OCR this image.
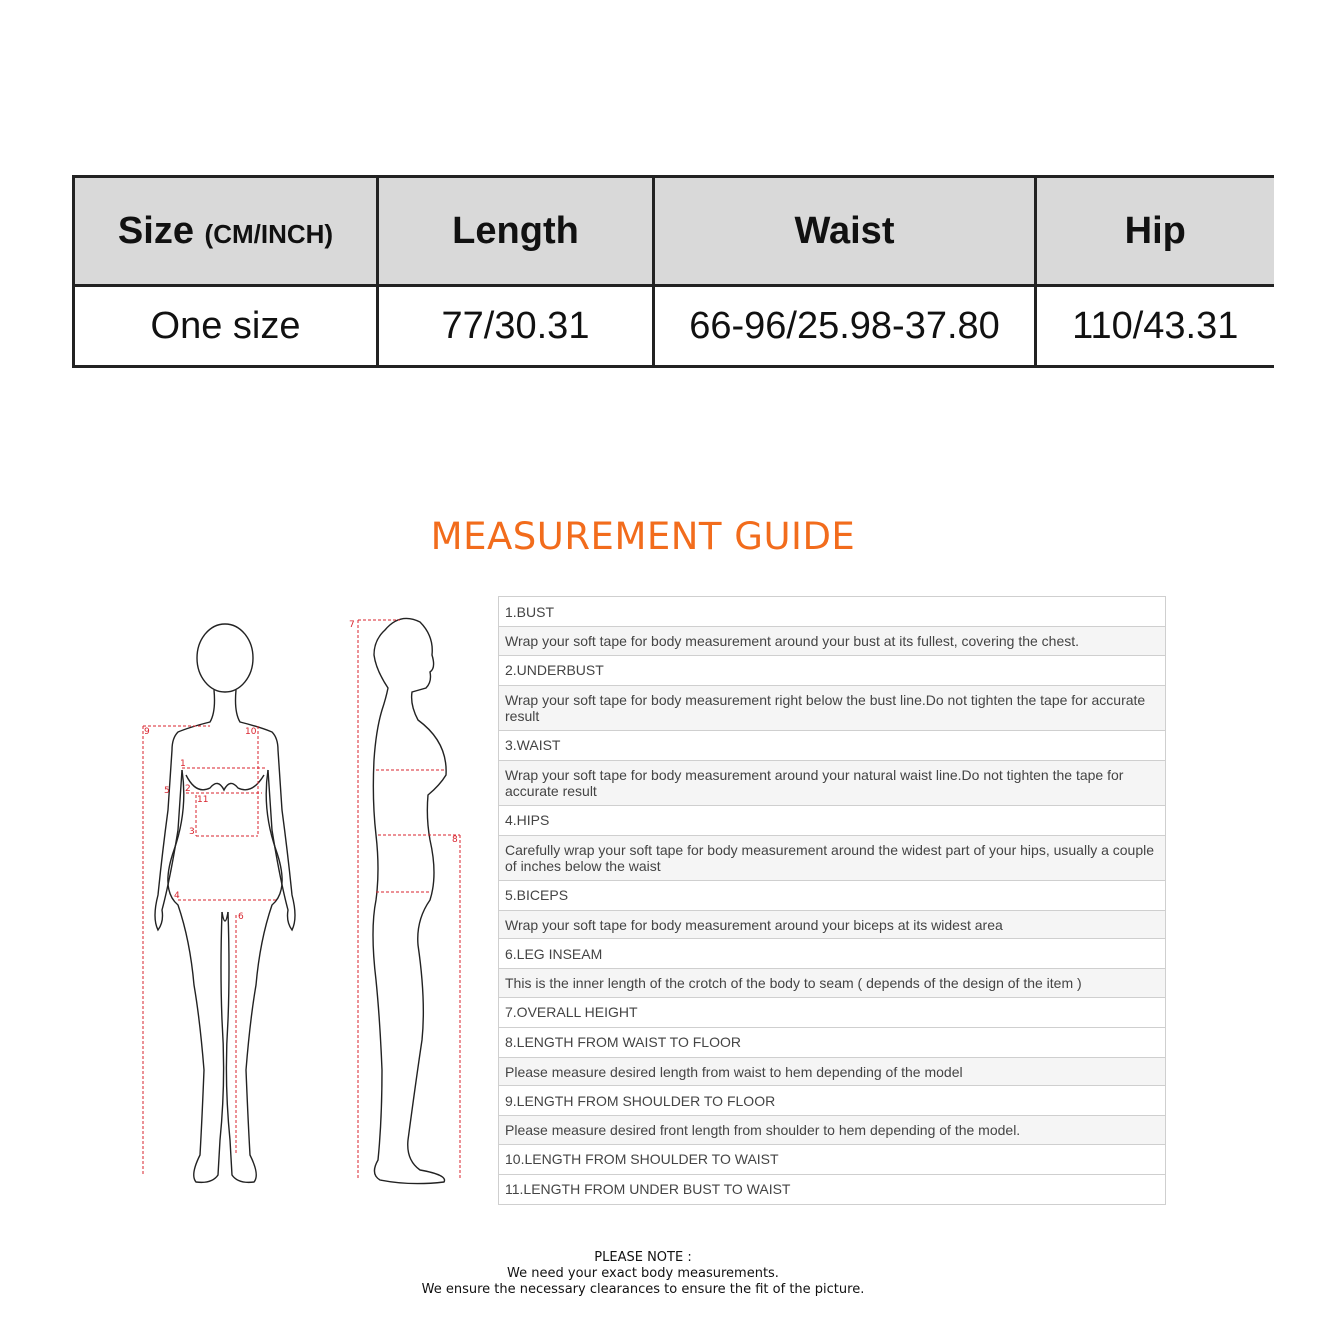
Size (CM/INCH)	Length	Waist	Hip
One size	77/30.31	66-96/25.98-37.80	110/43.31
MEASUREMENT GUIDE
1
2
3
4
5
6
7
8
9	10
11
1.BUST
Wrap your soft tape for body measurement around your bust at its fullest, covering the chest.
2.UNDERBUST
Wrap your soft tape for body measurement right below the bust line.Do not tighten the tape for accurate result
3.WAIST
Wrap your soft tape for body measurement around your natural waist line.Do not tighten the tape for accurate result
4.HIPS
Carefully wrap your soft tape for body measurement around the widest part of your hips, usually a couple of inches below the waist
5.BICEPS
Wrap your soft tape for body measurement around your biceps at its widest area
6.LEG INSEAM
This is the inner length of the crotch of the body to seam ( depends of the design of the item )
7.OVERALL HEIGHT
8.LENGTH FROM WAIST TO FLOOR
Please measure desired length from waist to hem depending of the model
9.LENGTH FROM SHOULDER TO FLOOR
Please measure desired front length from shoulder to hem depending of the model.
10.LENGTH FROM SHOULDER TO WAIST
11.LENGTH FROM UNDER BUST TO WAIST
PLEASE NOTE :
We need your exact body measurements.
We ensure the necessary clearances to ensure the fit of the picture.
